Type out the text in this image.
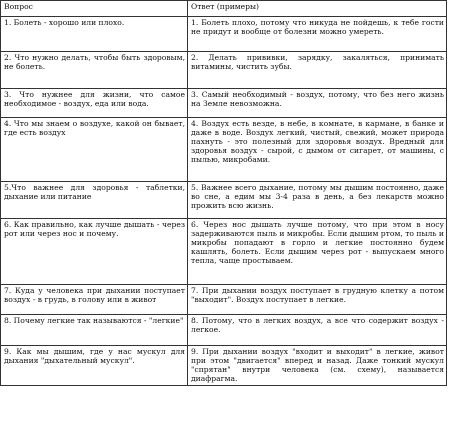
Вопрос	Ответ (примеры)
1. Болеть - хорошо или плохо.	1. Болеть плохо, потому что никуда не пойдешь, к тебе гости не придут и вообще от болезни можно умереть.
2. Что нужно делать, чтобы быть здоровым, не болеть.	2. Делать прививки, зарядку, закаляться, принимать витамины, чистить зубы.
3. Что нужнее для жизни, что самое необходимое - воздух, еда или вода.	3. Самый необходимый - воздух, потому, что без него жизнь на Земле невозможна.
4. Что мы знаем о воздухе, какой он бывает, где есть воздух	4. Воздух есть везде, в небе, в комнате, в кармане, в банке и даже в воде. Воздух легкий, чистый, свежий, может природа пахнуть - это полезный для здоровья воздух. Вредный для здоровья воздух - сырой, с дымом от сигарет, от машины, с пылью, микробами.
5.Что важнее для здоровья - таблетки, дыхание или питание	5. Важнее всего дыхание, потому мы дышим постоянно, даже во сне, а едим мы 3-4 раза в день, а без лекарств можно прожить всю жизнь.
6. Как правильно, как лучше дышать - через рот или через нос и почему.	6. Через нос дышать лучше потому, что при этом в носу задерживаются пыль и микробы. Если дышим ртом, то пыль и микробы попадают в горло и легкие постоянно будем кашлять, болеть. Если дышим через рот - выпускаем много тепла, чаще простываем.
7. Куда у человека при дыхании поступает воздух - в грудь, в голову или в живот	7. При дыхании воздух поступает в грудную клетку а потом "выходит". Воздух поступает в легкие.
8. Почему легкие так называются - "легкие"	8. Потому, что в легких воздух, а все что содержит воздух - легкое.
9. Как мы дышим, где у нас мускул для дыхания "дыхательный мускул".	9. При дыхании воздух "входит и выходит" в легкие, живот при этом "двигается" вперед и назад. Даже тонкий мускул "спрятан" внутри человека (см. схему), называется диафрагма.
